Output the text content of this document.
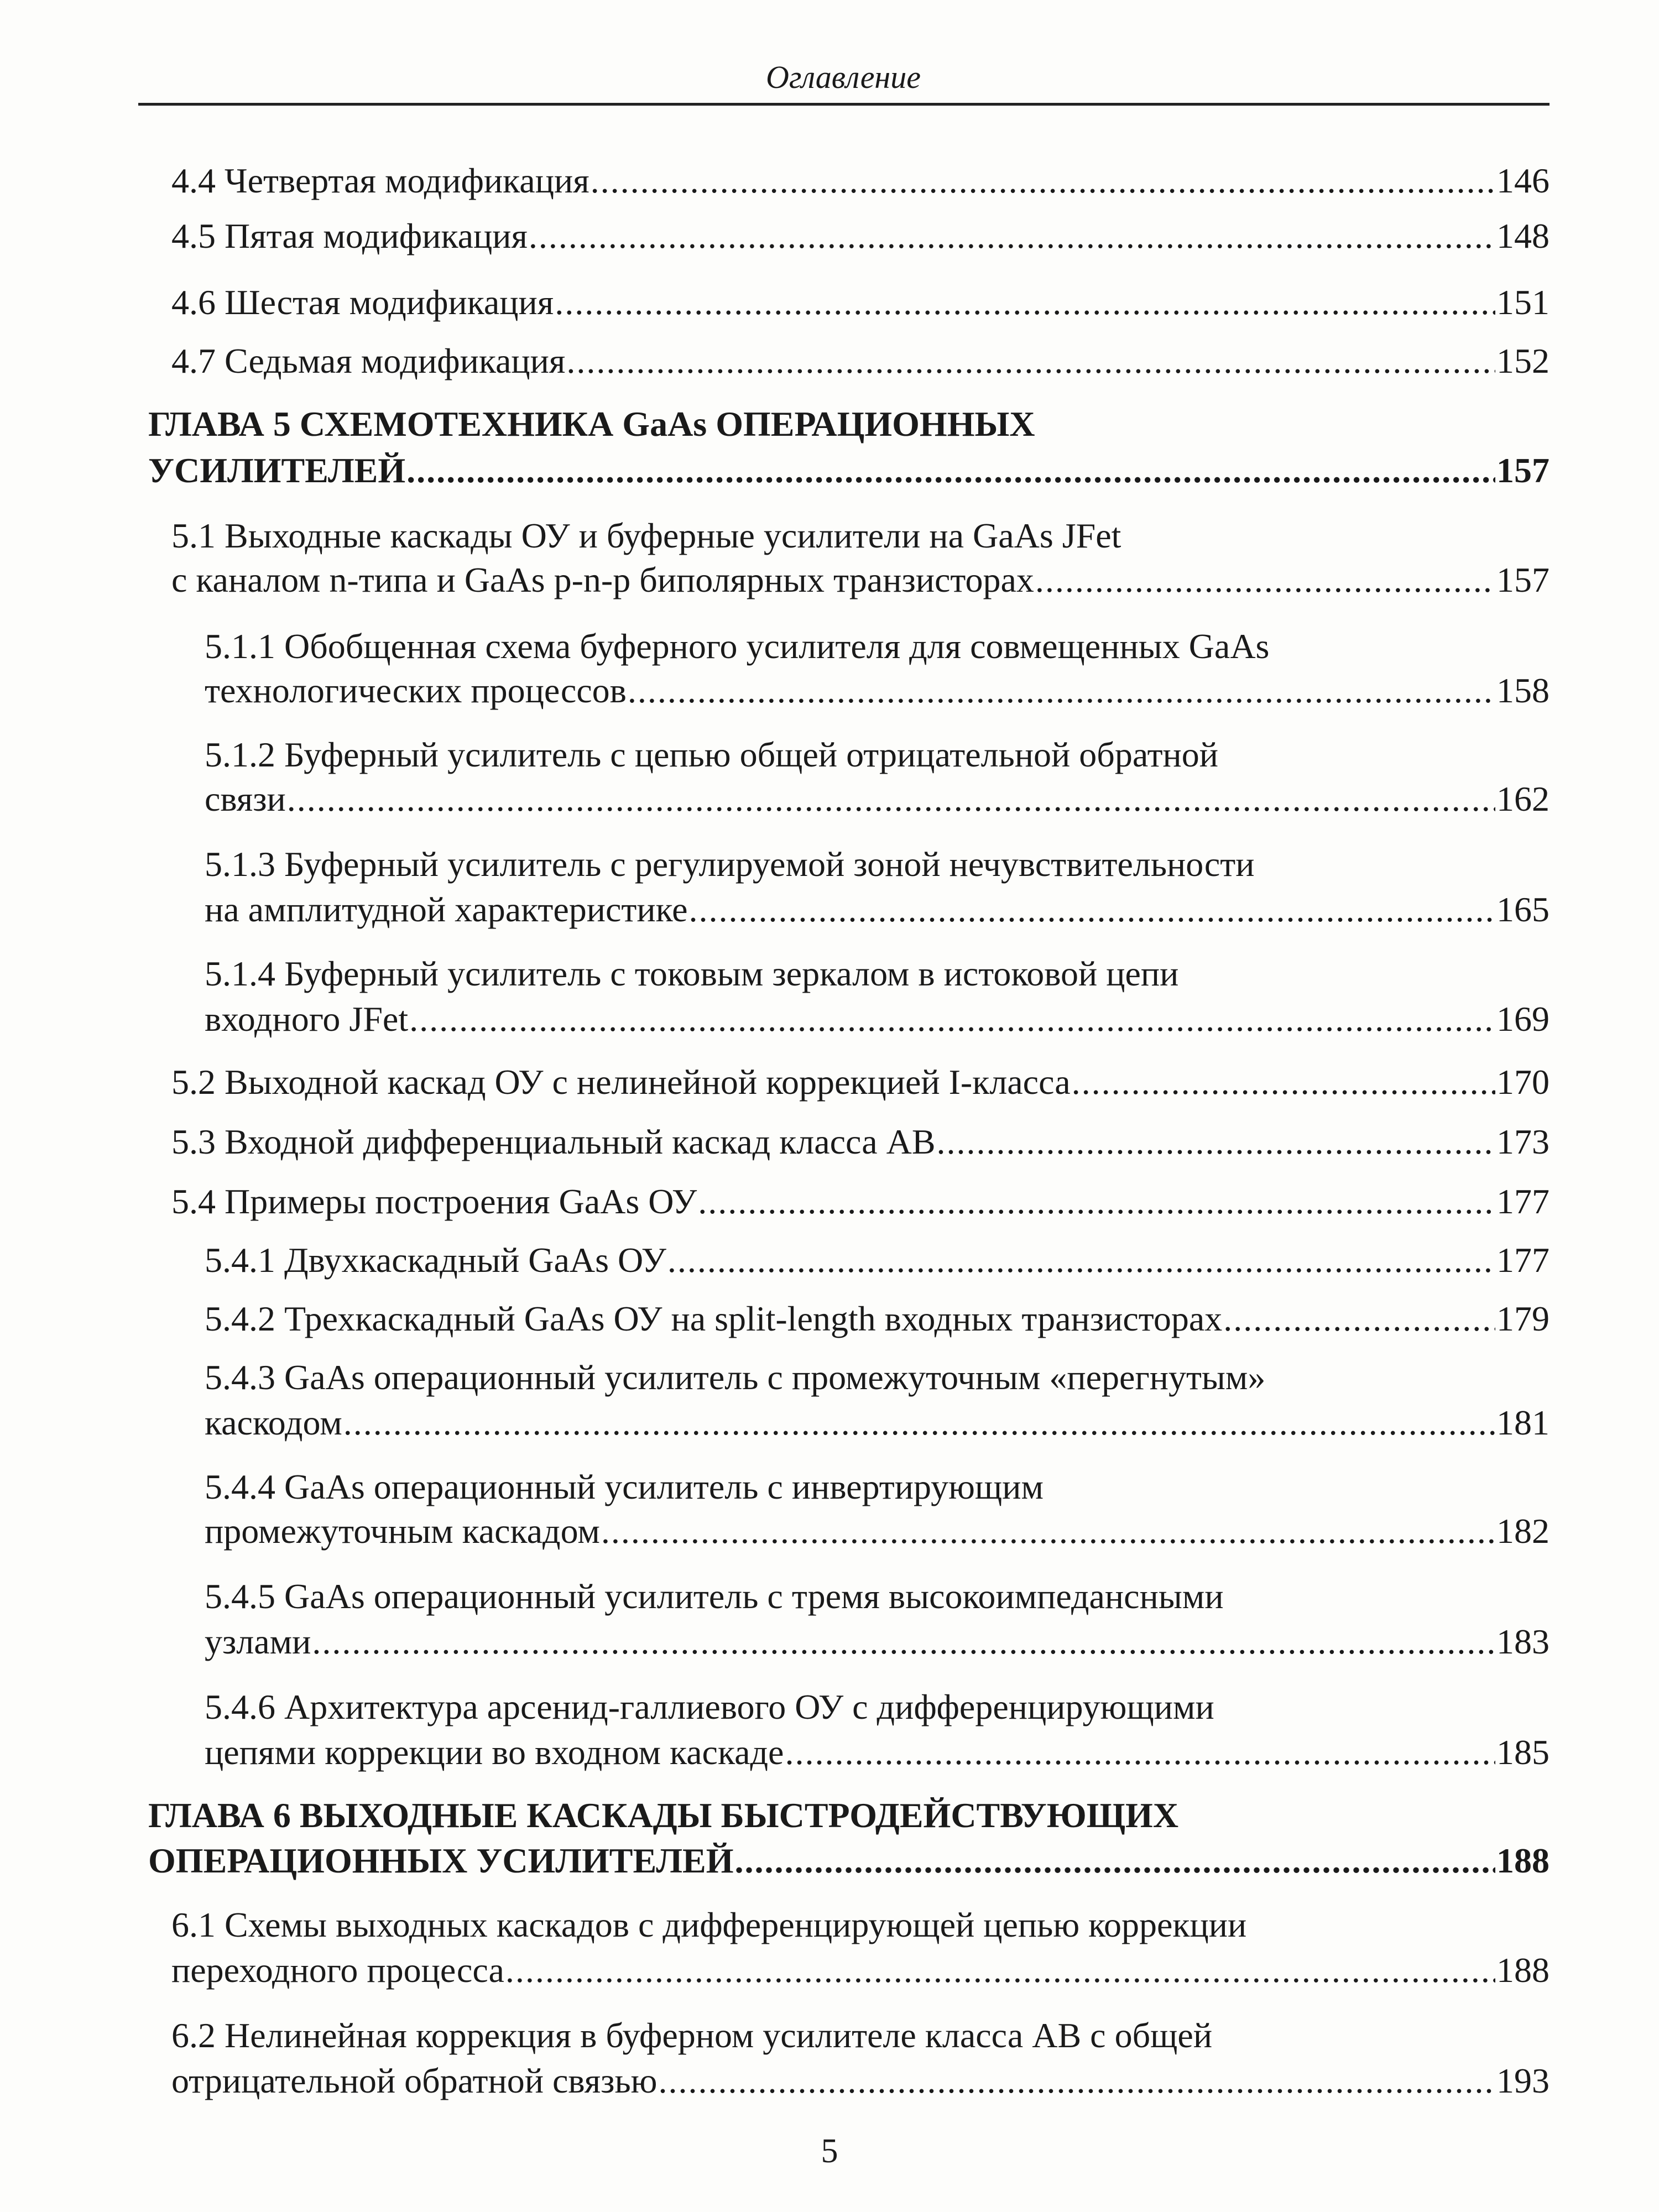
Оглавление
4.4 Четвертая модификация .....	146
4.5 Пятая модификация .....	148
4.6 Шестая модификация .....	151
4.7 Седьмая модификация .....	152
ГЛАВА 5 СХЕМОТЕХНИКА GaAs ОПЕРАЦИОННЫХ
УСИЛИТЕЛЕЙ .....	157
5.1 Выходные каскады ОУ и буферные усилители на GaAs JFet
с каналом n-типа и GaAs p-n-p биполярных транзисторах .....	157
5.1.1 Обобщенная схема буферного усилителя для совмещенных GaAs
технологических процессов .....	158
5.1.2 Буферный усилитель с цепью общей отрицательной обратной
связи .....	162
5.1.3 Буферный усилитель с регулируемой зоной нечувствительности
на амплитудной характеристике .....	165
5.1.4 Буферный усилитель с токовым зеркалом в истоковой цепи
входного JFet .....	169
5.2 Выходной каскад ОУ с нелинейной коррекцией I-класса .....	170
5.3 Входной дифференциальный каскад класса АВ .....	173
5.4 Примеры построения GaAs ОУ .....	177
5.4.1 Двухкаскадный GaAs ОУ .....	177
5.4.2 Трехкаскадный GaAs ОУ на split-length входных транзисторах .....	179
5.4.3 GaAs операционный усилитель с промежуточным «перегнутым»
каскодом .....	181
5.4.4 GaAs операционный усилитель с инвертирующим
промежуточным каскадом .....	182
5.4.5 GaAs операционный усилитель с тремя высокоимпедансными
узлами .....	183
5.4.6 Архитектура арсенид-галлиевого ОУ с дифференцирующими
цепями коррекции во входном каскаде .....	185
ГЛАВА 6 ВЫХОДНЫЕ КАСКАДЫ БЫСТРОДЕЙСТВУЮЩИХ
ОПЕРАЦИОННЫХ УСИЛИТЕЛЕЙ .....	188
6.1 Схемы выходных каскадов с дифференцирующей цепью коррекции
переходного процесса .....	188
6.2 Нелинейная коррекция в буферном усилителе класса АВ с общей
отрицательной обратной связью .....	193
5
